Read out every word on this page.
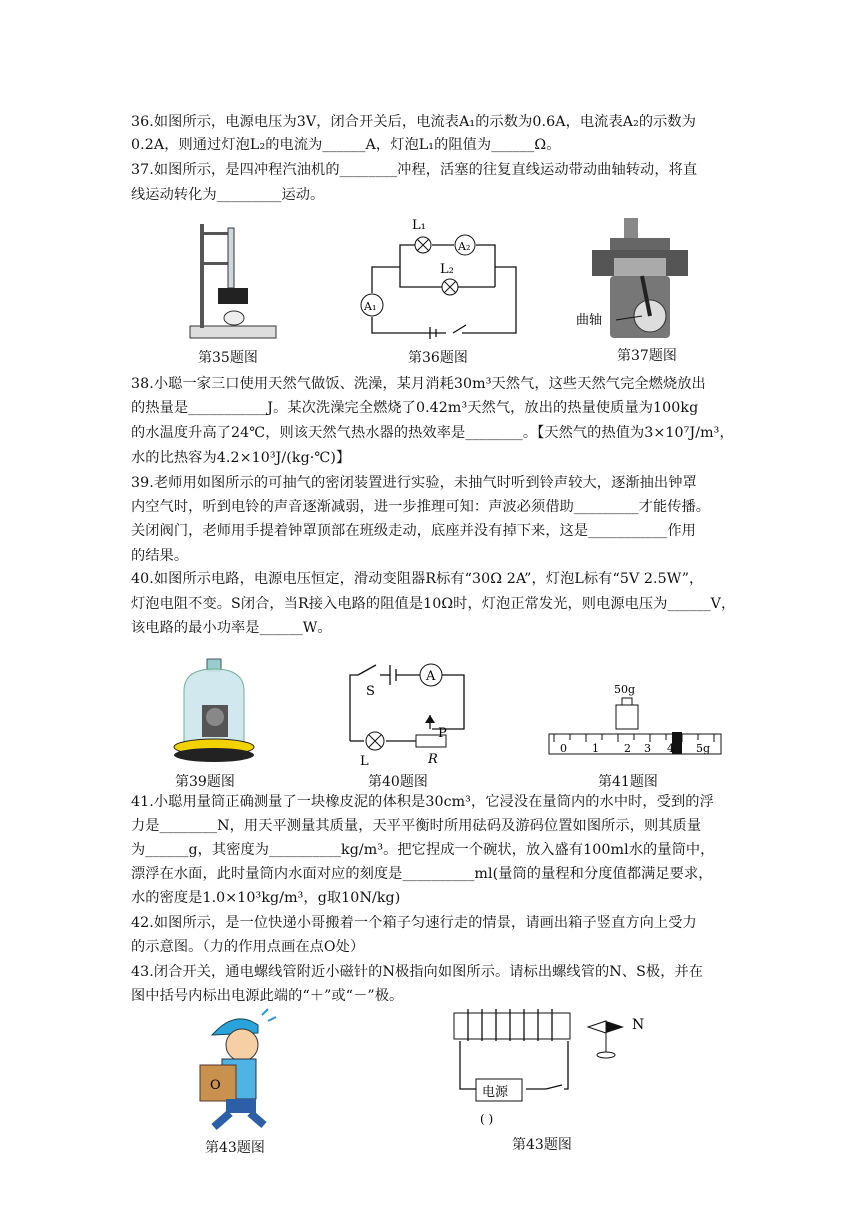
36.如图所示，电源电压为3V，闭合开关后，电流表A₁的示数为0.6A，电流表A₂的示数为
0.2A，则通过灯泡L₂的电流为______A，灯泡L₁的阻值为______Ω。
37.如图所示，是四冲程汽油机的________冲程，活塞的往复直线运动带动曲轴转动，将直
线运动转化为_________运动。
第35题图
L₁
A₂
L₂
A₁
第36题图
曲轴
第37题图
38.小聪一家三口使用天然气做饭、洗澡，某月消耗30m³天然气，这些天然气完全燃烧放出
的热量是___________J。某次洗澡完全燃烧了0.42m³天然气，放出的热量使质量为100kg
的水温度升高了24℃，则该天然气热水器的热效率是________。【天然气的热值为3×10⁷J/m³，
水的比热容为4.2×10³J/(kg·℃)】
39.老师用如图所示的可抽气的密闭装置进行实验，未抽气时听到铃声较大，逐渐抽出钟罩
内空气时，听到电铃的声音逐渐减弱，进一步推理可知：声波必须借助_________才能传播。
关闭阀门，老师用手提着钟罩顶部在班级走动，底座并没有掉下来，这是___________作用
的结果。
40.如图所示电路，电源电压恒定，滑动变阻器R标有“30Ω 2A”，灯泡L标有“5V 2.5W”，
灯泡电阻不变。S闭合，当R接入电路的阻值是10Ω时，灯泡正常发光，则电源电压为______V，
该电路的最小功率是______W。
第39题图
S
A
L
P
R
第40题图
50g
0 1 2 3 4 5g
第41题图
41.小聪用量筒正确测量了一块橡皮泥的体积是30cm³，它浸没在量筒内的水中时，受到的浮
力是________N，用天平测量其质量，天平平衡时所用砝码及游码位置如图所示，则其质量
为______g，其密度为__________kg/m³。把它捏成一个碗状，放入盛有100ml水的量筒中，
漂浮在水面，此时量筒内水面对应的刻度是__________ml(量筒的量程和分度值都满足要求，
水的密度是1.0×10³kg/m³，g取10N/kg)
42.如图所示，是一位快递小哥搬着一个箱子匀速行走的情景，请画出箱子竖直方向上受力
的示意图。（力的作用点画在点O处）
43.闭合开关，通电螺线管附近小磁针的N极指向如图所示。请标出螺线管的N、S极，并在
图中括号内标出电源此端的“＋”或“－”极。
O
第43题图
电源
( )
N
第43题图
